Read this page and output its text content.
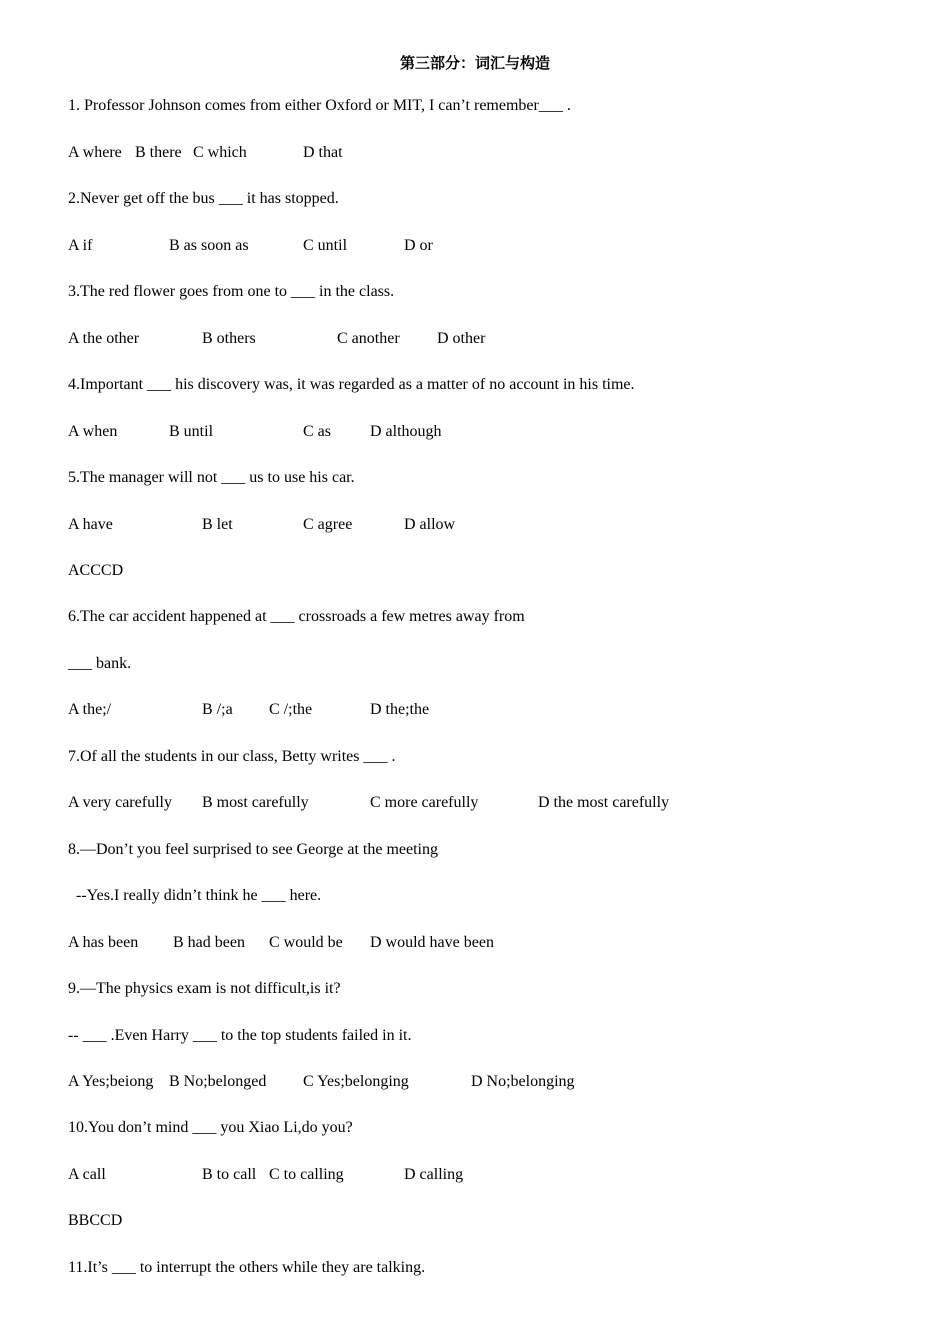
第三部分：词汇与构造
1. Professor Johnson comes from either Oxford or MIT, I can’t remember___ .
A where B there C which	D that
2.Never get off the bus ___ it has stopped.
A if	B as soon as	C until	D or
3.The red flower goes from one to ___ in the class.
A the other	B others	C another D other
4.Important ___ his discovery was, it was regarded as a matter of no account in his time.
A when	B until	C as D although
5.The manager will not ___ us to use his car.
A have	B let	C agree	D allow
ACCCD
6.The car accident happened at ___ crossroads a few metres away from
___ bank.
A the;/	B /;a C /;the	D the;the
7.Of all the students in our class, Betty writes ___ .
A very carefully B most carefully	C more carefully	D the most carefully
8.—Don’t you feel surprised to see George at the meeting
--Yes.I really didn’t think he ___ here.
A has been B had been C would be D would have been
9.—The physics exam is not difficult,is it?
-- ___ .Even Harry ___ to the top students failed in it.
A Yes;beiong B No;belonged C Yes;belonging	D No;belonging
10.You don’t mind ___ you Xiao Li,do you?
A call	B to call C to calling	D calling
BBCCD
11.It’s ___ to interrupt the others while they are talking.
